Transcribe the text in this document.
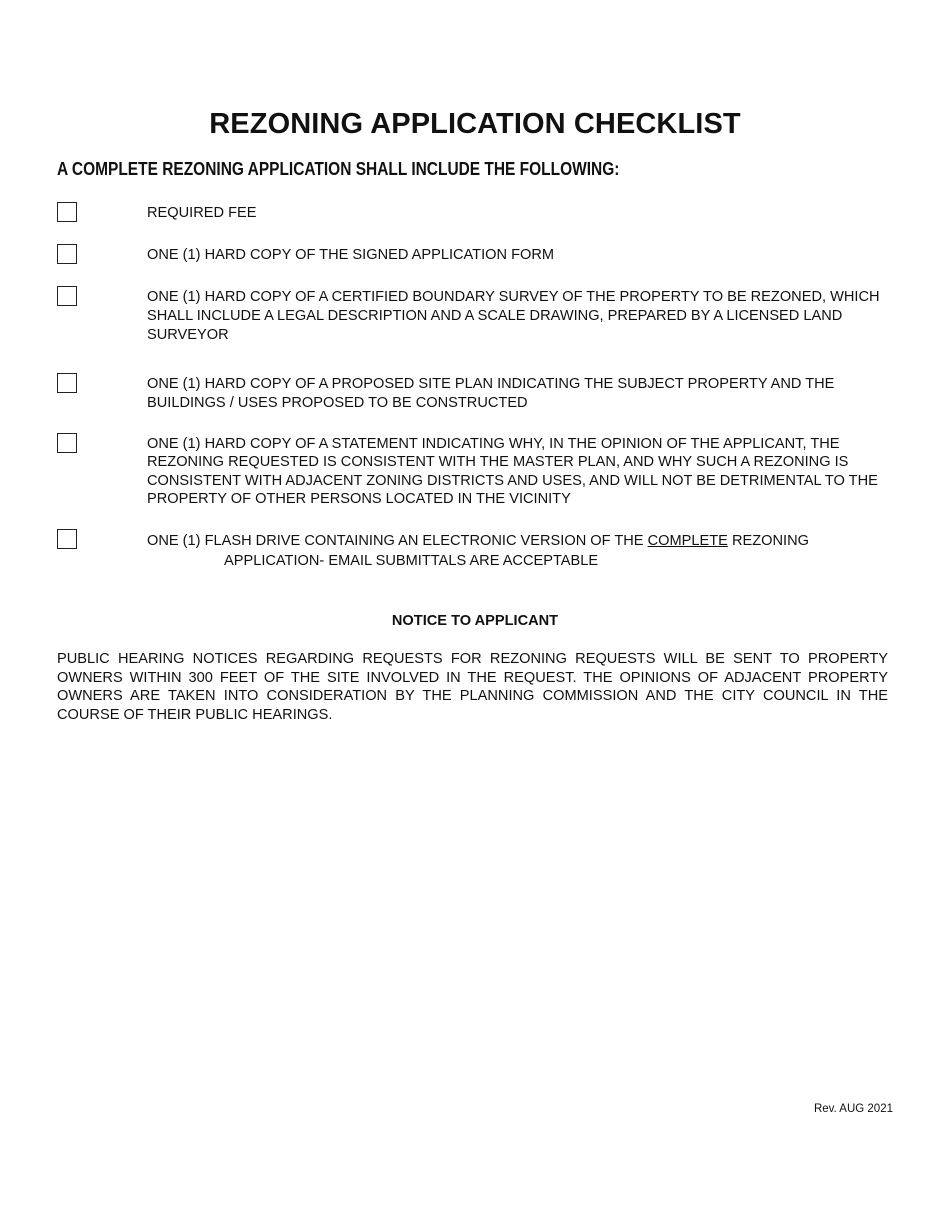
REZONING APPLICATION CHECKLIST
A COMPLETE REZONING APPLICATION SHALL INCLUDE THE FOLLOWING:

REQUIRED FEE

ONE (1) HARD COPY OF THE SIGNED APPLICATION FORM

ONE (1) HARD COPY OF A CERTIFIED BOUNDARY SURVEY OF THE PROPERTY TO BE REZONED, WHICH SHALL INCLUDE A LEGAL DESCRIPTION AND A SCALE DRAWING, PREPARED BY A LICENSED LAND SURVEYOR

ONE (1) HARD COPY OF A PROPOSED SITE PLAN INDICATING THE SUBJECT PROPERTY AND THE BUILDINGS / USES PROPOSED TO BE CONSTRUCTED

ONE (1) HARD COPY OF A STATEMENT INDICATING WHY, IN THE OPINION OF THE APPLICANT, THE REZONING REQUESTED IS CONSISTENT WITH THE MASTER PLAN, AND WHY SUCH A REZONING IS CONSISTENT WITH ADJACENT ZONING DISTRICTS AND USES, AND WILL NOT BE DETRIMENTAL TO THE PROPERTY OF OTHER PERSONS LOCATED IN THE VICINITY

ONE (1) FLASH DRIVE CONTAINING AN ELECTRONIC VERSION OF THE COMPLETE REZONING
APPLICATION- EMAIL SUBMITTALS ARE ACCEPTABLE

NOTICE TO APPLICANT

PUBLIC HEARING NOTICES REGARDING REQUESTS FOR REZONING REQUESTS WILL BE SENT TO PROPERTY OWNERS WITHIN 300 FEET OF THE SITE INVOLVED IN THE REQUEST. THE OPINIONS OF ADJACENT PROPERTY OWNERS ARE TAKEN INTO CONSIDERATION BY THE PLANNING COMMISSION AND THE CITY COUNCIL IN THE COURSE OF THEIR PUBLIC HEARINGS.

Rev. AUG 2021
